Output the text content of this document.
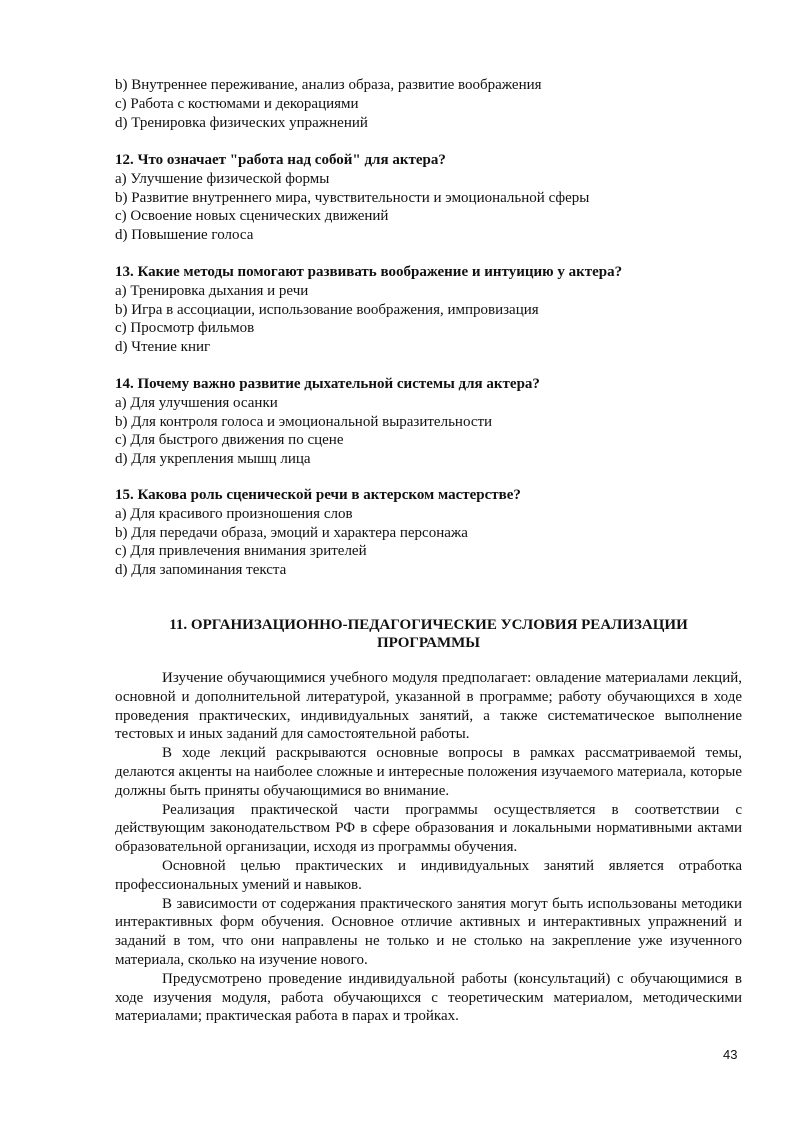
b) Внутреннее переживание, анализ образа, развитие воображения
c) Работа с костюмами и декорациями
d) Тренировка физических упражнений
12. Что означает "работа над собой" для актера?
a) Улучшение физической формы
b) Развитие внутреннего мира, чувствительности и эмоциональной сферы
c) Освоение новых сценических движений
d) Повышение голоса
13. Какие методы помогают развивать воображение и интуицию у актера?
a) Тренировка дыхания и речи
b) Игра в ассоциации, использование воображения, импровизация
c) Просмотр фильмов
d) Чтение книг
14. Почему важно развитие дыхательной системы для актера?
a) Для улучшения осанки
b) Для контроля голоса и эмоциональной выразительности
c) Для быстрого движения по сцене
d) Для укрепления мышц лица
15. Какова роль сценической речи в актерском мастерстве?
a) Для красивого произношения слов
b) Для передачи образа, эмоций и характера персонажа
c) Для привлечения внимания зрителей
d) Для запоминания текста
11. ОРГАНИЗАЦИОННО-ПЕДАГОГИЧЕСКИЕ УСЛОВИЯ РЕАЛИЗАЦИИ
ПРОГРАММЫ

Изучение обучающимися учебного модуля предполагает: овладение материалами лекций, основной и дополнительной литературой, указанной в программе; работу обучающихся в ходе проведения практических, индивидуальных занятий, а также систематическое выполнение тестовых и иных заданий для самостоятельной работы.

В ходе лекций раскрываются основные вопросы в рамках рассматриваемой темы, делаются акценты на наиболее сложные и интересные положения изучаемого материала, которые должны быть приняты обучающимися во внимание.

Реализация практической части программы осуществляется в соответствии с действующим законодательством РФ в сфере образования и локальными нормативными актами образовательной организации, исходя из программы обучения.

Основной целью практических и индивидуальных занятий является отработка профессиональных умений и навыков.

В зависимости от содержания практического занятия могут быть использованы методики интерактивных форм обучения. Основное отличие активных и интерактивных упражнений и заданий в том, что они направлены не только и не столько на закрепление уже изученного материала, сколько на изучение нового.

Предусмотрено проведение индивидуальной работы (консультаций) с обучающимися в ходе изучения модуля, работа обучающихся с теоретическим материалом, методическими материалами; практическая работа в парах и тройках.

43
